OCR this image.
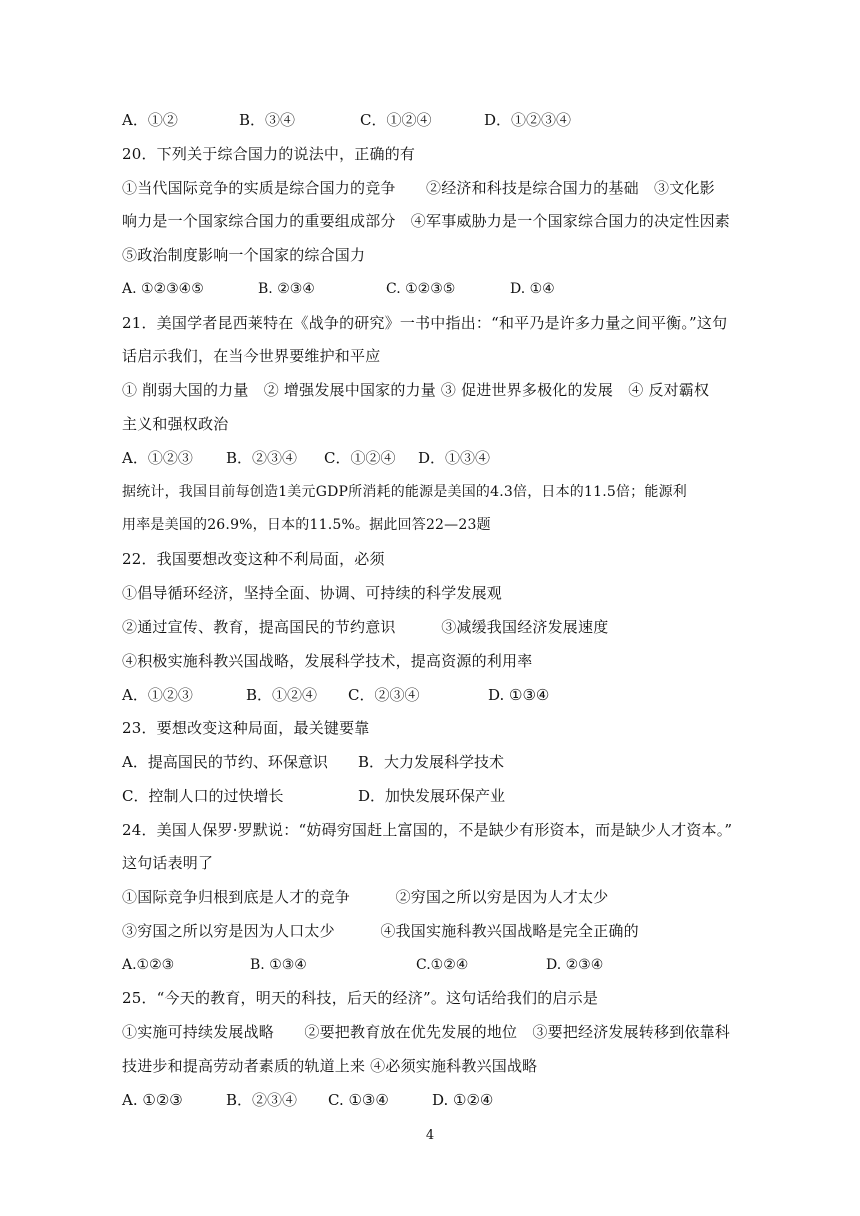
A．①②	B．③④	C．①②④	D．①②③④
20．下列关于综合国力的说法中，正确的有
①当代国际竞争的实质是综合国力的竞争　　②经济和科技是综合国力的基础　③文化影
响力是一个国家综合国力的重要组成部分　④军事威胁力是一个国家综合国力的决定性因素
⑤政治制度影响一个国家的综合国力
A. ①②③④⑤	B. ②③④	C. ①②③⑤	D. ①④
21．美国学者昆西莱特在《战争的研究》一书中指出：“和平乃是许多力量之间平衡。”这句
话启示我们，在当今世界要维护和平应
① 削弱大国的力量　② 增强发展中国家的力量 ③ 促进世界多极化的发展　④ 反对霸权
主义和强权政治
A．①②③ B．②③④ C．①②④ D．①③④
据统计，我国目前每创造1美元GDP所消耗的能源是美国的4.3倍，日本的11.5倍；能源利
用率是美国的26.9%，日本的11.5%。据此回答22—23题
22．我国要想改变这种不利局面，必须
①倡导循环经济，坚持全面、协调、可持续的科学发展观
②通过宣传、教育，提高国民的节约意识　　　③减缓我国经济发展速度
④积极实施科教兴国战略，发展科学技术，提高资源的利用率
A．①②③	B．①②④ C．②③④	D. ①③④
23．要想改变这种局面，最关键要靠
A．提高国民的节约、环保意识 B．大力发展科学技术
C．控制人口的过快增长	D．加快发展环保产业
24．美国人保罗·罗默说：“妨碍穷国赶上富国的，不是缺少有形资本，而是缺少人才资本。”
这句话表明了
①国际竞争归根到底是人才的竞争　　　②穷国之所以穷是因为人才太少
③穷国之所以穷是因为人口太少　　　④我国实施科教兴国战略是完全正确的
A.①②③	B. ①③④	C.①②④	D. ②③④
25．“今天的教育，明天的科技，后天的经济”。这句话给我们的启示是
①实施可持续发展战略　　②要把教育放在优先发展的地位　③要把经济发展转移到依靠科
技进步和提高劳动者素质的轨道上来 ④必须实施科教兴国战略
A. ①②③	B．②③④ C. ①③④	D. ①②④
4
